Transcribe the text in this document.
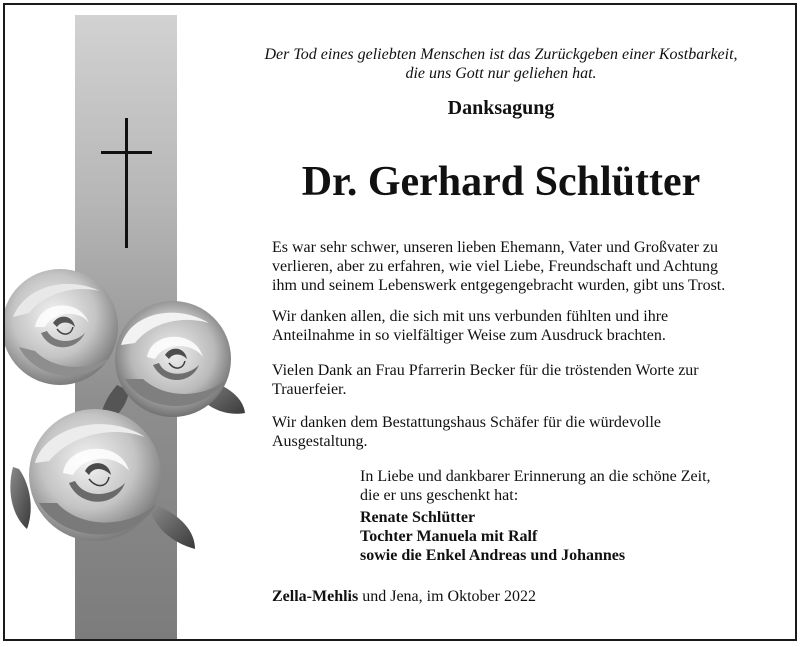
Der Tod eines geliebten Menschen ist das Zurückgeben einer Kostbarkeit,
die uns Gott nur geliehen hat.
Danksagung
Dr. Gerhard Schlütter
Es war sehr schwer, unseren lieben Ehemann, Vater und Großvater zu
verlieren, aber zu erfahren, wie viel Liebe, Freundschaft und Achtung
ihm und seinem Lebenswerk entgegengebracht wurden, gibt uns Trost.
Wir danken allen, die sich mit uns verbunden fühlten und ihre
Anteilnahme in so vielfältiger Weise zum Ausdruck brachten.
Vielen Dank an Frau Pfarrerin Becker für die tröstenden Worte zur
Trauerfeier.
Wir danken dem Bestattungshaus Schäfer für die würdevolle
Ausgestaltung.
In Liebe und dankbarer Erinnerung an die schöne Zeit,
die er uns geschenkt hat:
Renate Schlütter
Tochter Manuela mit Ralf
sowie die Enkel Andreas und Johannes
Zella-Mehlis und Jena, im Oktober 2022
